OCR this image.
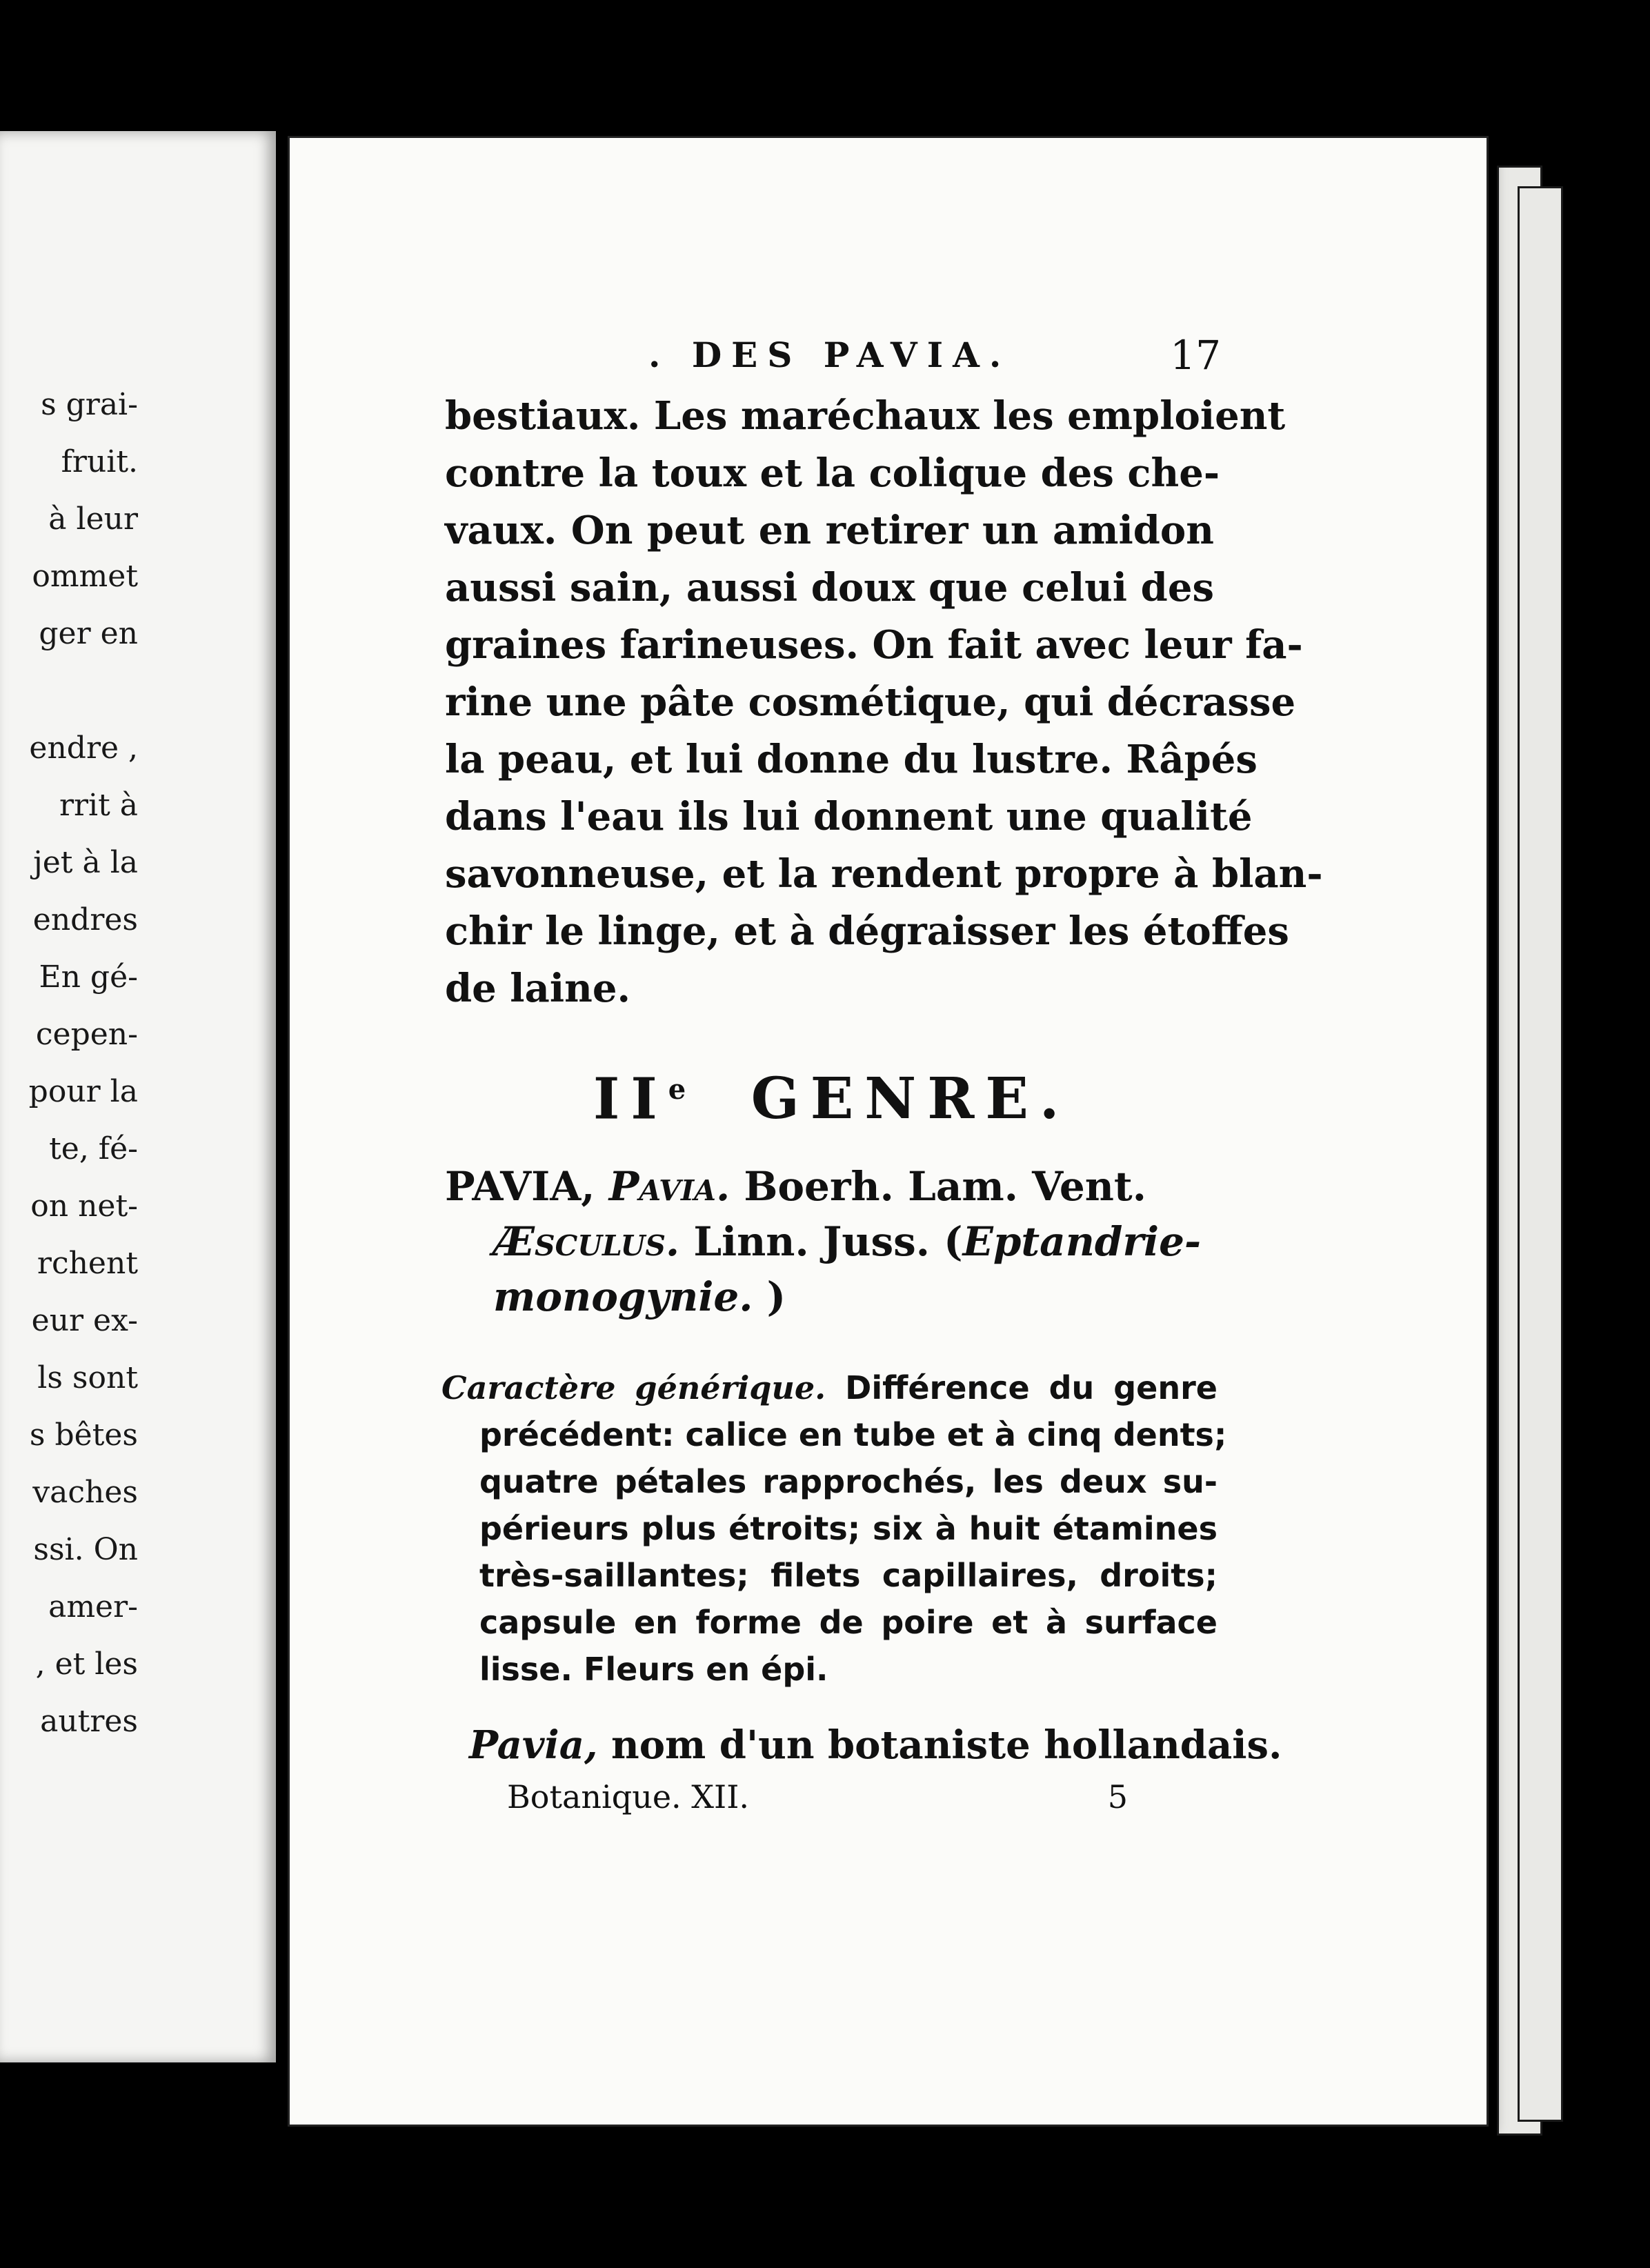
s grai-
fruit.
à leur
ommet
ger en
endre ,
rrit à
jet à la
endres
En gé-
cepen-
pour la
te, fé-
on net-
rchent
eur ex-
ls sont
s bêtes
vaches
ssi. On
amer-
, et les
autres
. DES PAVIA.	17
bestiaux. Les maréchaux les emploient
contre la toux et la colique des che-
vaux. On peut en retirer un amidon
aussi sain, aussi doux que celui des
graines farineuses. On fait avec leur fa-
rine une pâte cosmétique, qui décrasse
la peau, et lui donne du lustre. Râpés
dans l'eau ils lui donnent une qualité
savonneuse, et la rendent propre à blan-
chir le linge, et à dégraisser les étoffes
de laine.
IIe GENRE.
PAVIA, Pavia. Boerh. Lam. Vent.
Æsculus. Linn. Juss. (Eptandrie-
monogynie. )
Caractère générique. Différence du genre
précédent: calice en tube et à cinq dents;
quatre pétales rapprochés, les deux su-
périeurs plus étroits; six à huit étamines
très-saillantes; filets capillaires, droits;
capsule en forme de poire et à surface
lisse. Fleurs en épi.
Pavia, nom d'un botaniste hollandais.
Botanique. XII.	5
